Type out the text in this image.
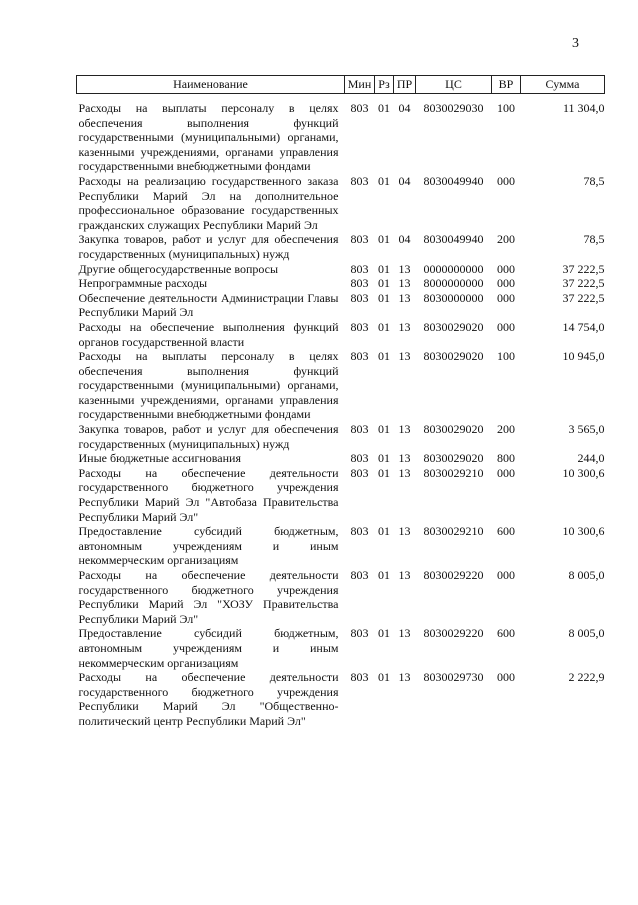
3
Наименование	Мин	Рз	ПР	ЦС	ВР	Сумма
Расходы на выплаты персоналу в целях обеспечения выполнения функций государственными (муниципальными) органами, казенными учреждениями, органами управления государственными внебюджетными фондами	803	01	04	8030029030	100	11 304,0
Расходы на реализацию государственного заказа Республики Марий Эл на дополнительное профессиональное образование государственных гражданских служащих Республики Марий Эл	803	01	04	8030049940	000	78,5
Закупка товаров, работ и услуг для обеспечения государственных (муниципальных) нужд	803	01	04	8030049940	200	78,5
Другие общегосударственные вопросы	803	01	13	0000000000	000	37 222,5
Непрограммные расходы	803	01	13	8000000000	000	37 222,5
Обеспечение деятельности Администрации Главы Республики Марий Эл	803	01	13	8030000000	000	37 222,5
Расходы на обеспечение выполнения функций органов государственной власти	803	01	13	8030029020	000	14 754,0
Расходы на выплаты персоналу в целях обеспечения выполнения функций государственными (муниципальными) органами, казенными учреждениями, органами управления государственными внебюджетными фондами	803	01	13	8030029020	100	10 945,0
Закупка товаров, работ и услуг для обеспечения государственных (муниципальных) нужд	803	01	13	8030029020	200	3 565,0
Иные бюджетные ассигнования	803	01	13	8030029020	800	244,0
Расходы на обеспечение деятельности государственного бюджетного учреждения Республики Марий Эл "Автобаза Правительства Республики Марий Эл"	803	01	13	8030029210	000	10 300,6
Предоставление субсидий бюджетным, автономным учреждениям и иным некоммерческим организациям	803	01	13	8030029210	600	10 300,6
Расходы на обеспечение деятельности государственного бюджетного учреждения Республики Марий Эл "ХОЗУ Правительства Республики Марий Эл"	803	01	13	8030029220	000	8 005,0
Предоставление субсидий бюджетным, автономным учреждениям и иным некоммерческим организациям	803	01	13	8030029220	600	8 005,0
Расходы на обеспечение деятельности государственного бюджетного учреждения Республики Марий Эл "Общественно-политический центр Республики Марий Эл"	803	01	13	8030029730	000	2 222,9
